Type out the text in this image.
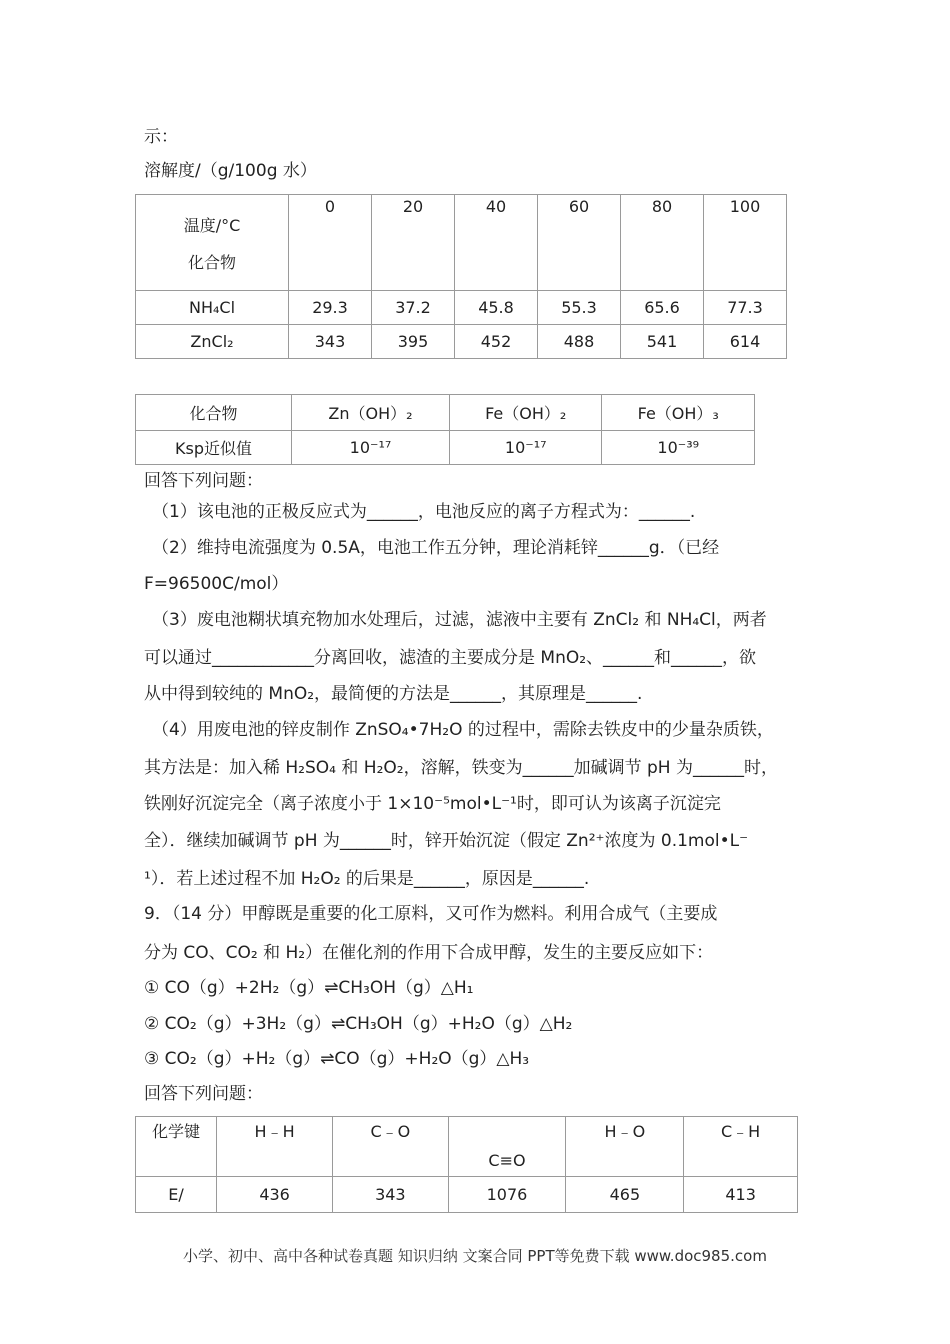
示：
溶解度/（g/100g 水）
温度/°C
化合物	0	20	40	60	80	100
NH₄Cl	29.3	37.2	45.8	55.3	65.6	77.3
ZnCl₂	343	395	452	488	541	614
化合物	Zn（OH）₂	Fe（OH）₂	Fe（OH）₃
Ksp近似值	10⁻¹⁷	10⁻¹⁷	10⁻³⁹
回答下列问题：
（1）该电池的正极反应式为______，电池反应的离子方程式为：______.
（2）维持电流强度为 0.5A，电池工作五分钟，理论消耗锌______g．（已经
F=96500C/mol）
（3）废电池糊状填充物加水处理后，过滤，滤液中主要有 ZnCl₂ 和 NH₄Cl，两者
可以通过____________分离回收，滤渣的主要成分是 MnO₂、______和______，欲
从中得到较纯的 MnO₂，最简便的方法是______，其原理是______.
（4）用废电池的锌皮制作 ZnSO₄•7H₂O 的过程中，需除去铁皮中的少量杂质铁，
其方法是：加入稀 H₂SO₄ 和 H₂O₂，溶解，铁变为______加碱调节 pH 为______时，
铁刚好沉淀完全（离子浓度小于 1×10⁻⁵mol•L⁻¹时，即可认为该离子沉淀完
全）．继续加碱调节 pH 为______时，锌开始沉淀（假定 Zn²⁺浓度为 0.1mol•L⁻
¹）．若上述过程不加 H₂O₂ 的后果是______，原因是______.
9．（14 分）甲醇既是重要的化工原料，又可作为燃料。利用合成气（主要成
分为 CO、CO₂ 和 H₂）在催化剂的作用下合成甲醇，发生的主要反应如下：
① CO（g）+2H₂（g）⇌CH₃OH（g）△H₁
② CO₂（g）+3H₂（g）⇌CH₃OH（g）+H₂O（g）△H₂
③ CO₂（g）+H₂（g）⇌CO（g）+H₂O（g）△H₃
回答下列问题：
化学键	H﹣H	C﹣O	C≡O	H﹣O	C﹣H
E/	436	343	1076	465	413
小学、初中、高中各种试卷真题 知识归纳 文案合同 PPT等免费下载 www.doc985.com
